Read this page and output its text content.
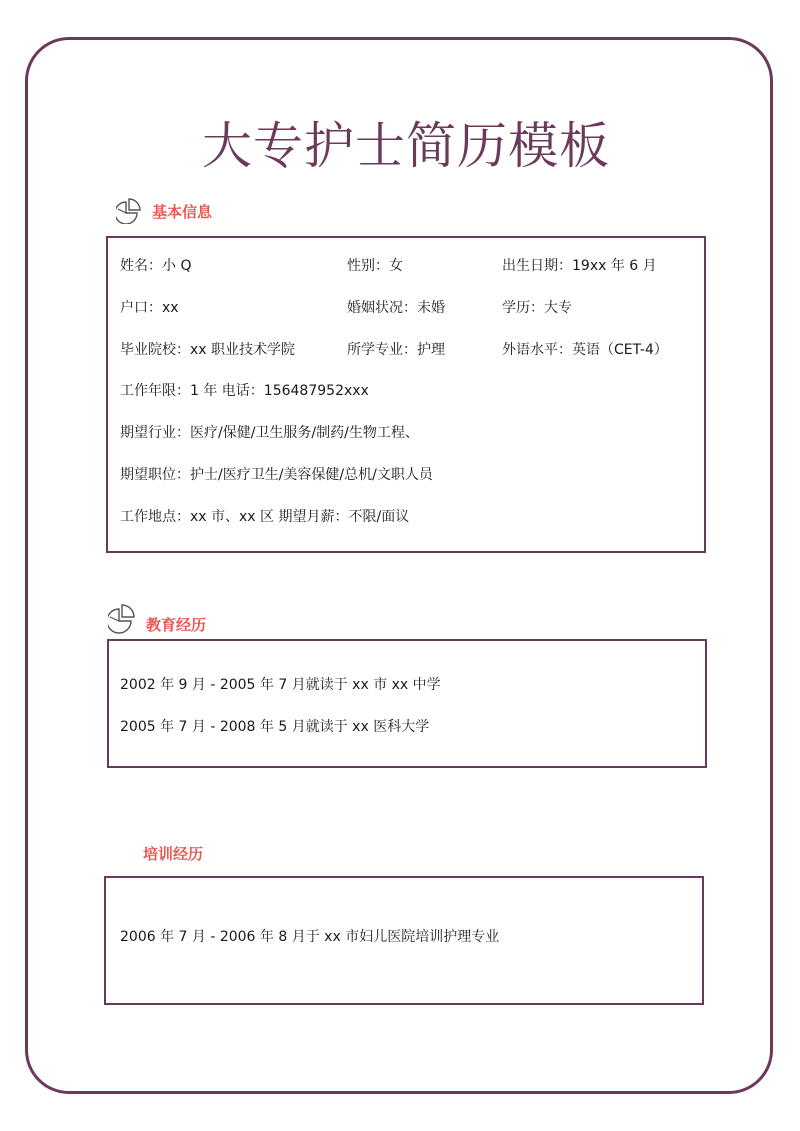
大专护士简历模板
基本信息
姓名：小 Q	性别：女	出生日期：19xx 年 6 月
户口：xx	婚姻状况：未婚	学历：大专
毕业院校：xx 职业技术学院	所学专业：护理	外语水平：英语（CET-4）
工作年限：1 年 电话：156487952xxx
期望行业：医疗/保健/卫生服务/制药/生物工程、
期望职位：护士/医疗卫生/美容保健/总机/文职人员
工作地点：xx 市、xx 区 期望月薪：不限/面议
教育经历
2002 年 9 月 - 2005 年 7 月就读于 xx 市 xx 中学
2005 年 7 月 - 2008 年 5 月就读于 xx 医科大学
培训经历
2006 年 7 月 - 2006 年 8 月于 xx 市妇儿医院培训护理专业
